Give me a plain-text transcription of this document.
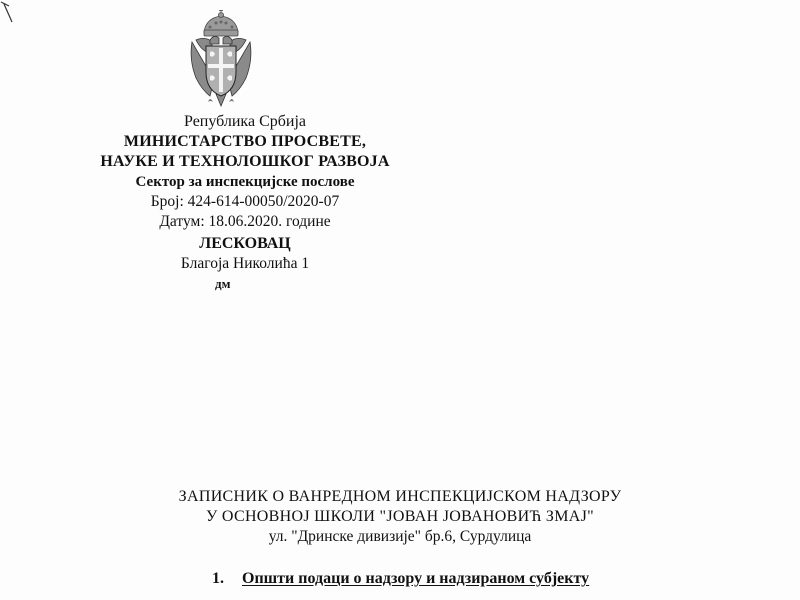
Република Србија
МИНИСТАРСТВО ПРОСВЕТЕ,
НАУКЕ И ТЕХНОЛОШКОГ РАЗВОЈА
Сектор за инспекцијске послове
Број: 424-614-00050/2020-07
Датум: 18.06.2020. године
ЛЕСКОВАЦ
Благоја Николића 1
дм
ЗАПИСНИК О ВАНРЕДНОМ ИНСПЕКЦИЈСКОМ НАДЗОРУ
У ОСНОВНОЈ ШКОЛИ "ЈОВАН ЈОВАНОВИЋ ЗМАЈ"
ул. "Дринске дивизије" бр.6, Сурдулица
1. Општи подаци о надзору и надзираном субјекту
